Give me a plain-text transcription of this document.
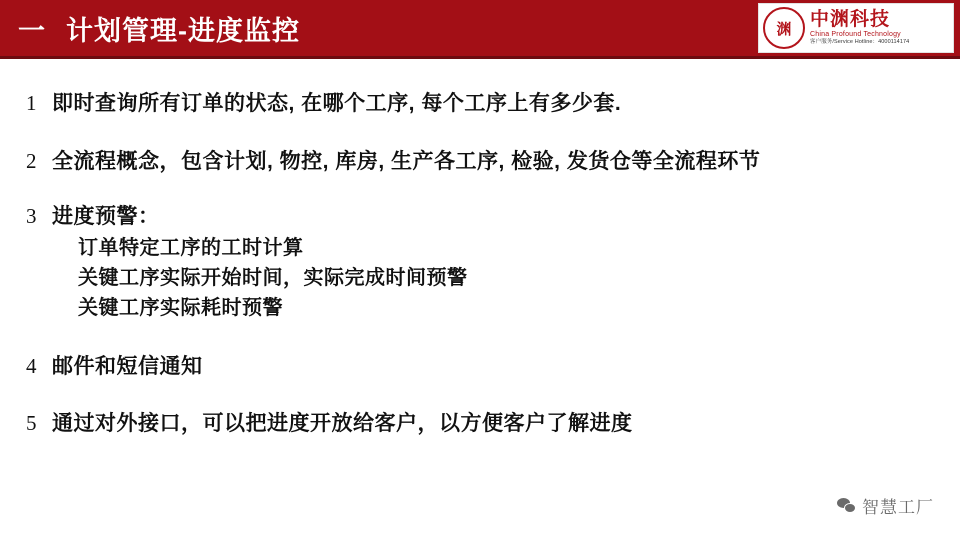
一 计划管理-进度监控	渊 中渊科技
China Profound Technology
客户服务/Service Hotline：4000114174
1 即时查询所有订单的状态, 在哪个工序, 每个工序上有多少套.
2 全流程概念，包含计划, 物控, 库房, 生产各工序, 检验, 发货仓等全流程环节
3 进度预警：
订单特定工序的工时计算
关键工序实际开始时间，实际完成时间预警
关键工序实际耗时预警
4 邮件和短信通知
5 通过对外接口，可以把进度开放给客户，以方便客户了解进度
智慧工厂
